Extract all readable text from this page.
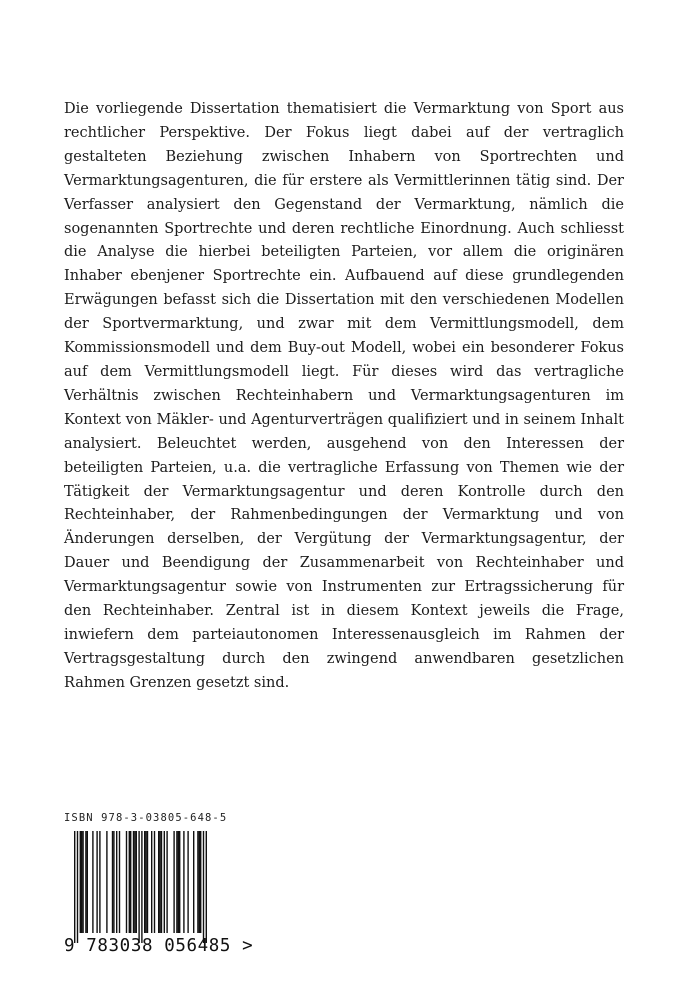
Die vorliegende Dissertation thematisiert die Vermarktung von Sport aus rechtlicher Perspektive. Der Fokus liegt dabei auf der vertraglich gestalteten Beziehung zwischen Inhabern von Sportrechten und Vermarktungsagenturen, die für erstere als Vermittlerinnen tätig sind. Der Verfasser analysiert den Gegenstand der Vermarktung, nämlich die sogenannten Sportrechte und deren rechtliche Einordnung. Auch schliesst die Analyse die hierbei beteiligten Parteien, vor allem die originären Inhaber ebenjener Sportrechte ein. Aufbauend auf diese grundlegenden Erwägungen befasst sich die Dissertation mit den verschiedenen Modellen der Sportvermarktung, und zwar mit dem Vermittlungsmodell, dem Kommissionsmodell und dem Buy-out Modell, wobei ein besonderer Fokus auf dem Vermittlungsmodell liegt. Für dieses wird das vertragliche Verhältnis zwischen Rechteinhabern und Vermarktungsagenturen im Kontext von Mäkler- und Agenturverträgen qualifiziert und in seinem Inhalt analysiert. Beleuchtet werden, ausgehend von den Interessen der beteiligten Parteien, u.a. die vertragliche Erfassung von Themen wie der Tätigkeit der Vermarktungsagentur und deren Kontrolle durch den Rechteinhaber, der Rahmenbedingungen der Vermarktung und von Änderungen derselben, der Vergütung der Vermarktungsagentur, der Dauer und Beendigung der Zusammenarbeit von Rechteinhaber und Vermarktungsagentur sowie von Instrumenten zur Ertragssicherung für den Rechteinhaber. Zentral ist in diesem Kontext jeweils die Frage, inwiefern dem parteiautonomen Interessenausgleich im Rahmen der Vertragsgestaltung durch den zwingend anwendbaren gesetzlichen Rahmen Grenzen gesetzt sind.

ISBN 978-3-03805-648-5
9 783038 056485 >
